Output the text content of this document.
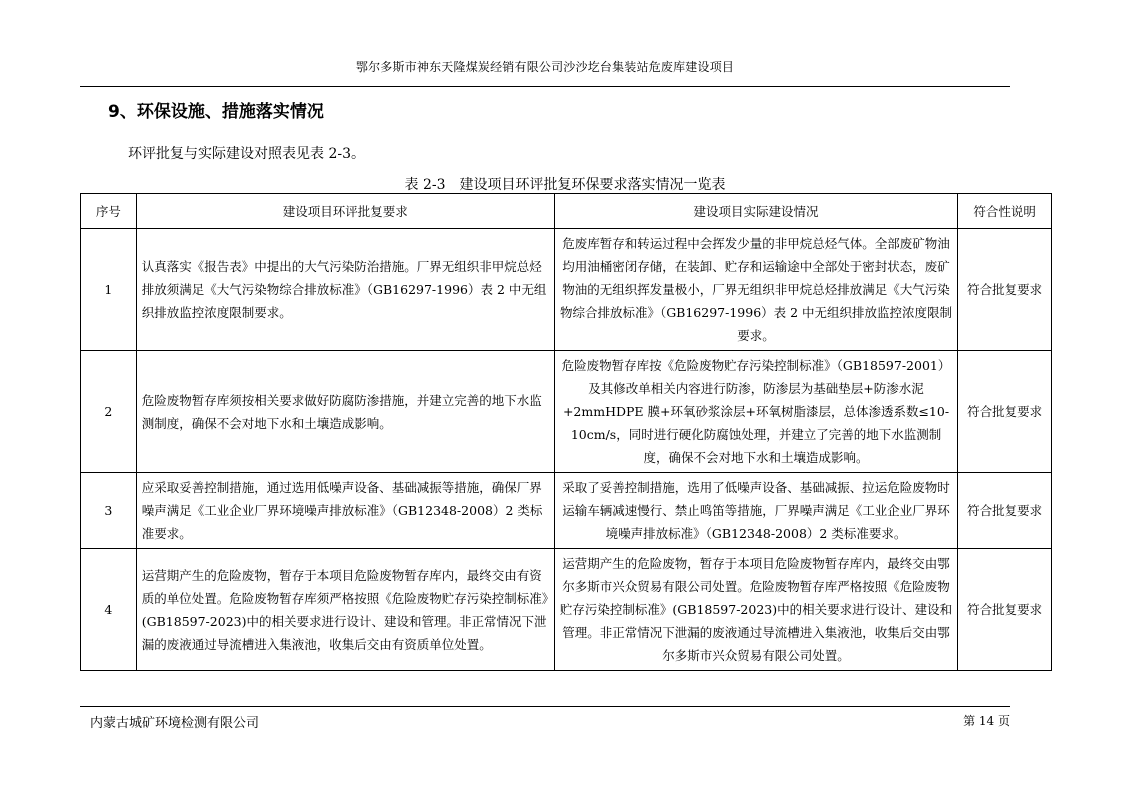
鄂尔多斯市神东天隆煤炭经销有限公司沙沙圪台集装站危废库建设项目
9、环保设施、措施落实情况
环评批复与实际建设对照表见表 2-3。
表 2-3　建设项目环评批复环保要求落实情况一览表
序号	建设项目环评批复要求	建设项目实际建设情况	符合性说明
1	认真落实《报告表》中提出的大气污染防治措施。厂界无组织非甲烷总烃排放须满足《大气污染物综合排放标准》（GB16297-1996）表 2 中无组织排放监控浓度限制要求。	危废库暂存和转运过程中会挥发少量的非甲烷总烃气体。全部废矿物油均用油桶密闭存储，在装卸、贮存和运输途中全部处于密封状态，废矿物油的无组织挥发量极小，厂界无组织非甲烷总烃排放满足《大气污染物综合排放标准》（GB16297-1996）表 2 中无组织排放监控浓度限制要求。	符合批复要求
2	危险废物暂存库须按相关要求做好防腐防渗措施，并建立完善的地下水监测制度，确保不会对地下水和土壤造成影响。	危险废物暂存库按《危险废物贮存污染控制标准》（GB18597-2001）及其修改单相关内容进行防渗，防渗层为基础垫层+防渗水泥+2mmHDPE 膜+环氧砂浆涂层+环氧树脂漆层，总体渗透系数≤10-10cm/s，同时进行硬化防腐蚀处理，并建立了完善的地下水监测制度，确保不会对地下水和土壤造成影响。	符合批复要求
3	应采取妥善控制措施，通过选用低噪声设备、基础减振等措施，确保厂界噪声满足《工业企业厂界环境噪声排放标准》（GB12348-2008）2 类标准要求。	采取了妥善控制措施，选用了低噪声设备、基础减振、拉运危险废物时运输车辆减速慢行、禁止鸣笛等措施，厂界噪声满足《工业企业厂界环境噪声排放标准》（GB12348-2008）2 类标准要求。	符合批复要求
4	运营期产生的危险废物，暂存于本项目危险废物暂存库内，最终交由有资质的单位处置。危险废物暂存库须严格按照《危险废物贮存污染控制标准》(GB18597-2023)中的相关要求进行设计、建设和管理。非正常情况下泄漏的废液通过导流槽进入集液池，收集后交由有资质单位处置。	运营期产生的危险废物，暂存于本项目危险废物暂存库内，最终交由鄂尔多斯市兴众贸易有限公司处置。危险废物暂存库严格按照《危险废物贮存污染控制标准》(GB18597-2023)中的相关要求进行设计、建设和管理。非正常情况下泄漏的废液通过导流槽进入集液池，收集后交由鄂尔多斯市兴众贸易有限公司处置。	符合批复要求
内蒙古城矿环境检测有限公司	第 14 页
